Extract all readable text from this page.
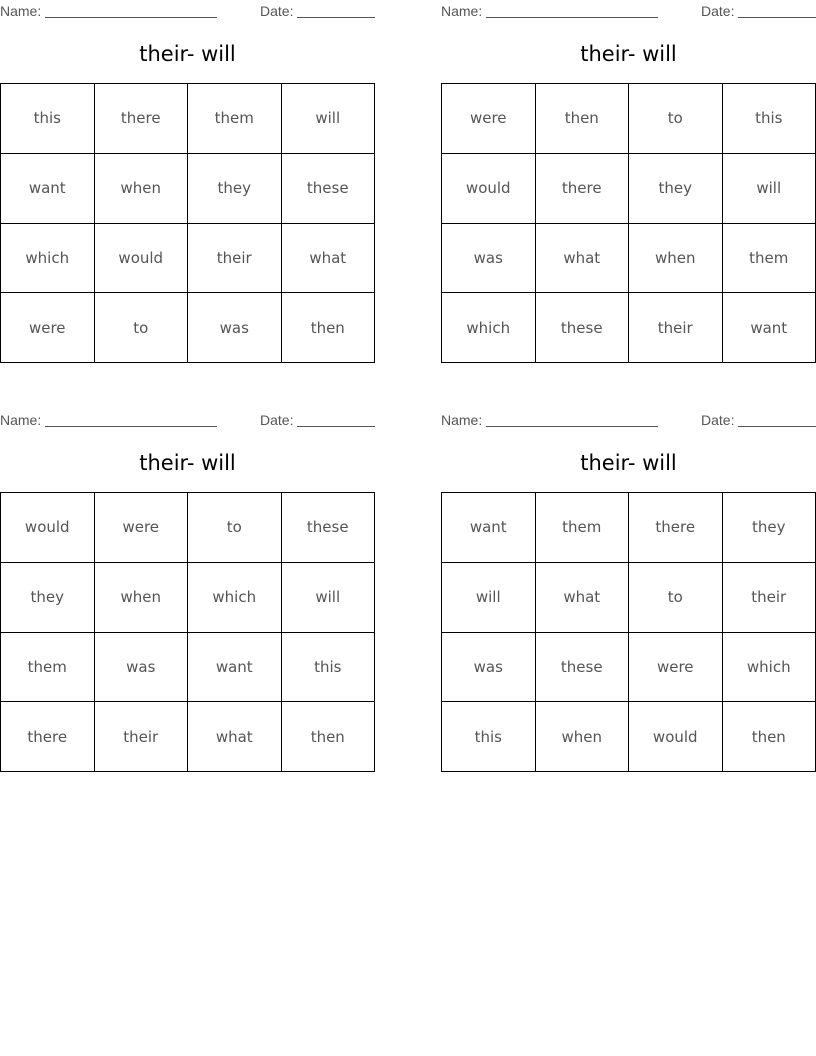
Name:	Date:
their- will
this	there	them	will
want	when	they	these
which	would	their	what
were	to	was	then
Name:	Date:
their- will
were	then	to	this
would	there	they	will
was	what	when	them
which	these	their	want
Name:	Date:
their- will
would	were	to	these
they	when	which	will
them	was	want	this
there	their	what	then
Name:	Date:
their- will
want	them	there	they
will	what	to	their
was	these	were	which
this	when	would	then
